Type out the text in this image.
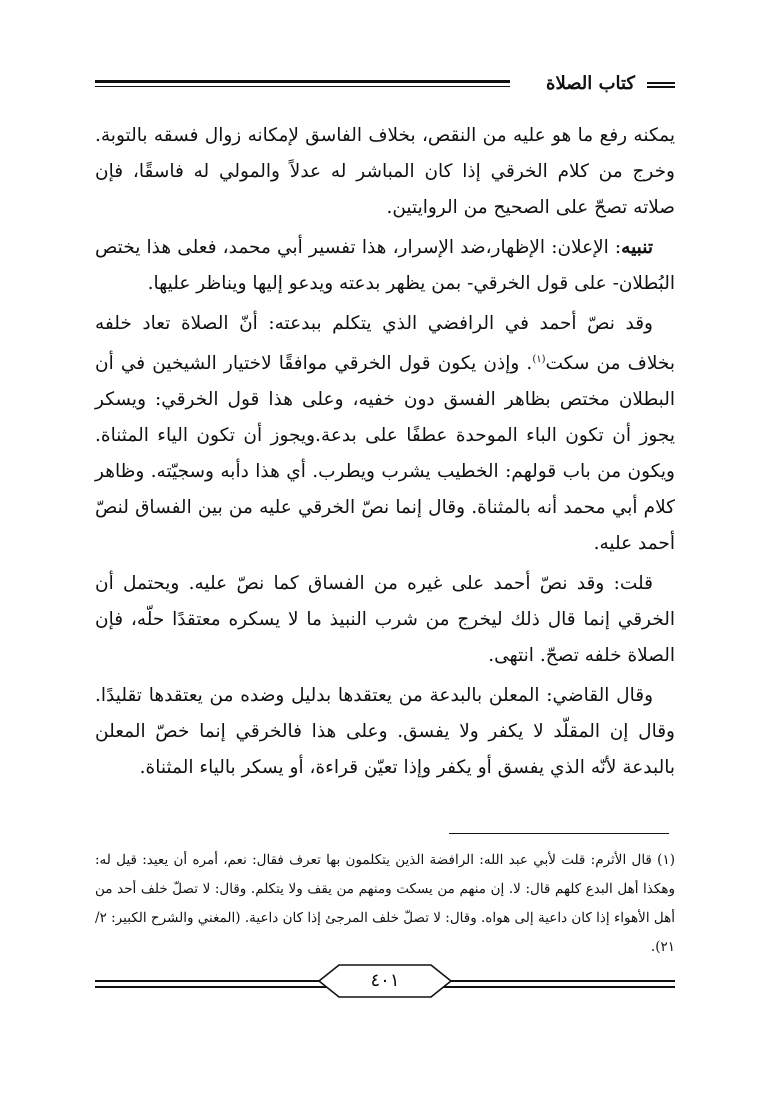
كتاب الصلاة

يمكنه رفع ما هو عليه من النقص، بخلاف الفاسق لإمكانه زوال فسقه بالتوبة. وخرج من كلام الخرقي إذا كان المباشر له عدلاً والمولي له فاسقًا، فإن صلاته تصحّ على الصحيح من الروايتين.

تنبيه: الإعلان: الإظهار،ضد الإسرار، هذا تفسير أبي محمد، فعلى هذا يختص البُطلان- على قول الخرقي- بمن يظهر بدعته ويدعو إليها ويناظر عليها.

وقد نصّ أحمد في الرافضي الذي يتكلم ببدعته: أنّ الصلاة تعاد خلفه بخلاف من سكت$^{(١)}$. وإذن يكون قول الخرقي موافقًا لاختيار الشيخين في أن البطلان مختص بظاهر الفسق دون خفيه، وعلى هذا قول الخرقي: ويسكر يجوز أن تكون الباء الموحدة عطفًا على بدعة.ويجوز أن تكون الياء المثناة. ويكون من باب قولهم: الخطيب يشرب ويطرب. أي هذا دأبه وسجيّته. وظاهر كلام أبي محمد أنه بالمثناة. وقال إنما نصّ الخرقي عليه من بين الفساق لنصّ أحمد عليه.

قلت: وقد نصّ أحمد على غيره من الفساق كما نصّ عليه. ويحتمل أن الخرقي إنما قال ذلك ليخرج من شرب النبيذ ما لا يسكره معتقدًا حلّه، فإن الصلاة خلفه تصحّ. انتهى.

وقال القاضي: المعلن بالبدعة من يعتقدها بدليل وضده من يعتقدها تقليدًا. وقال إن المقلّد لا يكفر ولا يفسق. وعلى هذا فالخرقي إنما خصّ المعلن بالبدعة لأنّه الذي يفسق أو يكفر وإذا تعيّن قراءة، أو يسكر بالياء المثناة.

(١) قال الأثرم: قلت لأبي عبد الله: الرافضة الذين يتكلمون بها تعرف فقال: نعم، أمره أن يعيد: قيل له: وهكذا أهل البدع كلهم قال: لا. إن منهم من يسكت ومنهم من يقف ولا يتكلم. وقال: لا تصلّ خلف أحد من أهل الأهواء إذا كان داعية إلى هواه. وقال: لا تصلّ خلف المرجئ إذا كان داعية. (المغني والشرح الكبير: ٢/ ٢١).

٤٠١
